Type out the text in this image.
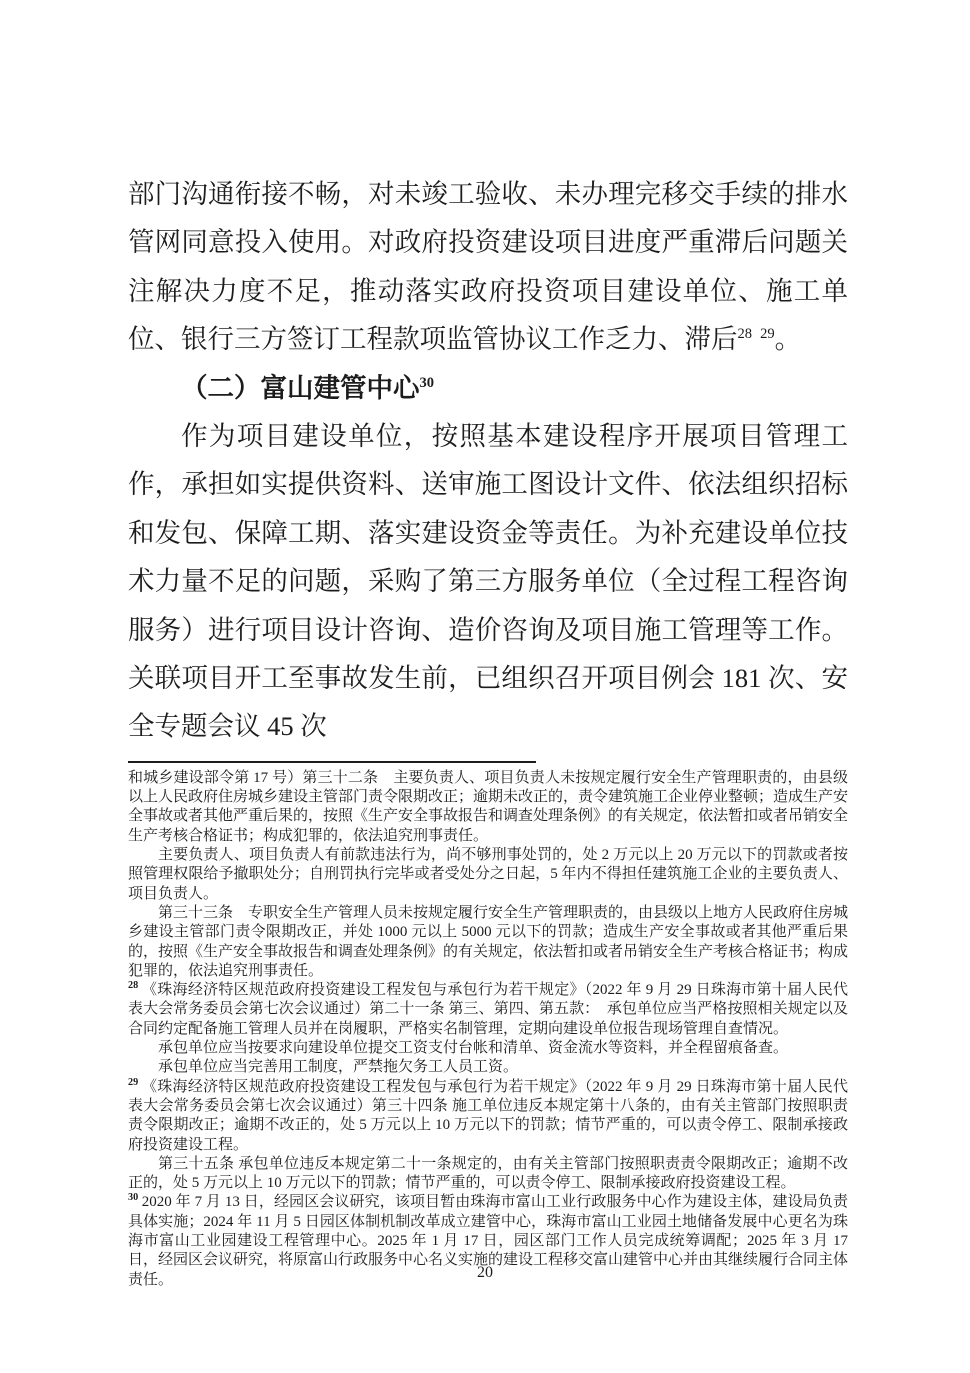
部门沟通衔接不畅，对未竣工验收、未办理完移交手续的排水管网同意投入使用。对政府投资建设项目进度严重滞后问题关注解决力度不足，推动落实政府投资项目建设单位、施工单位、银行三方签订工程款项监管协议工作乏力、滞后$^{28}$ $^{29}$。

（二）富山建管中心$^{30}$

作为项目建设单位，按照基本建设程序开展项目管理工作，承担如实提供资料、送审施工图设计文件、依法组织招标和发包、保障工期、落实建设资金等责任。为补充建设单位技术力量不足的问题，采购了第三方服务单位（全过程工程咨询服务）进行项目设计咨询、造价咨询及项目施工管理等工作。关联项目开工至事故发生前，已组织召开项目例会 181 次、安全专题会议 45 次

和城乡建设部令第 17 号）第三十二条　主要负责人、项目负责人未按规定履行安全生产管理职责的，由县级以上人民政府住房城乡建设主管部门责令限期改正；逾期未改正的，责令建筑施工企业停业整顿；造成生产安全事故或者其他严重后果的，按照《生产安全事故报告和调查处理条例》的有关规定，依法暂扣或者吊销安全生产考核合格证书；构成犯罪的，依法追究刑事责任。

主要负责人、项目负责人有前款违法行为，尚不够刑事处罚的，处 2 万元以上 20 万元以下的罚款或者按照管理权限给予撤职处分；自刑罚执行完毕或者受处分之日起，5 年内不得担任建筑施工企业的主要负责人、项目负责人。

第三十三条　专职安全生产管理人员未按规定履行安全生产管理职责的，由县级以上地方人民政府住房城乡建设主管部门责令限期改正，并处 1000 元以上 5000 元以下的罚款；造成生产安全事故或者其他严重后果的，按照《生产安全事故报告和调查处理条例》的有关规定，依法暂扣或者吊销安全生产考核合格证书；构成犯罪的，依法追究刑事责任。

$^{28}$ 《珠海经济特区规范政府投资建设工程发包与承包行为若干规定》（2022 年 9 月 29 日珠海市第十届人民代表大会常务委员会第七次会议通过）第二十一条 第三、第四、第五款：　承包单位应当严格按照相关规定以及合同约定配备施工管理人员并在岗履职，严格实名制管理，定期向建设单位报告现场管理自查情况。

承包单位应当按要求向建设单位提交工资支付台帐和清单、资金流水等资料，并全程留痕备查。

承包单位应当完善用工制度，严禁拖欠务工人员工资。

$^{29}$ 《珠海经济特区规范政府投资建设工程发包与承包行为若干规定》（2022 年 9 月 29 日珠海市第十届人民代表大会常务委员会第七次会议通过）第三十四条 施工单位违反本规定第十八条的，由有关主管部门按照职责责令限期改正；逾期不改正的，处 5 万元以上 10 万元以下的罚款；情节严重的，可以责令停工、限制承接政府投资建设工程。

第三十五条 承包单位违反本规定第二十一条规定的，由有关主管部门按照职责责令限期改正；逾期不改正的，处 5 万元以上 10 万元以下的罚款；情节严重的，可以责令停工、限制承接政府投资建设工程。

$^{30}$ 2020 年 7 月 13 日，经园区会议研究，该项目暂由珠海市富山工业行政服务中心作为建设主体，建设局负责具体实施；2024 年 11 月 5 日园区体制机制改革成立建管中心，珠海市富山工业园土地储备发展中心更名为珠海市富山工业园建设工程管理中心。2025 年 1 月 17 日，园区部门工作人员完成统筹调配；2025 年 3 月 17 日，经园区会议研究，将原富山行政服务中心名义实施的建设工程移交富山建管中心并由其继续履行合同主体责任。	20
